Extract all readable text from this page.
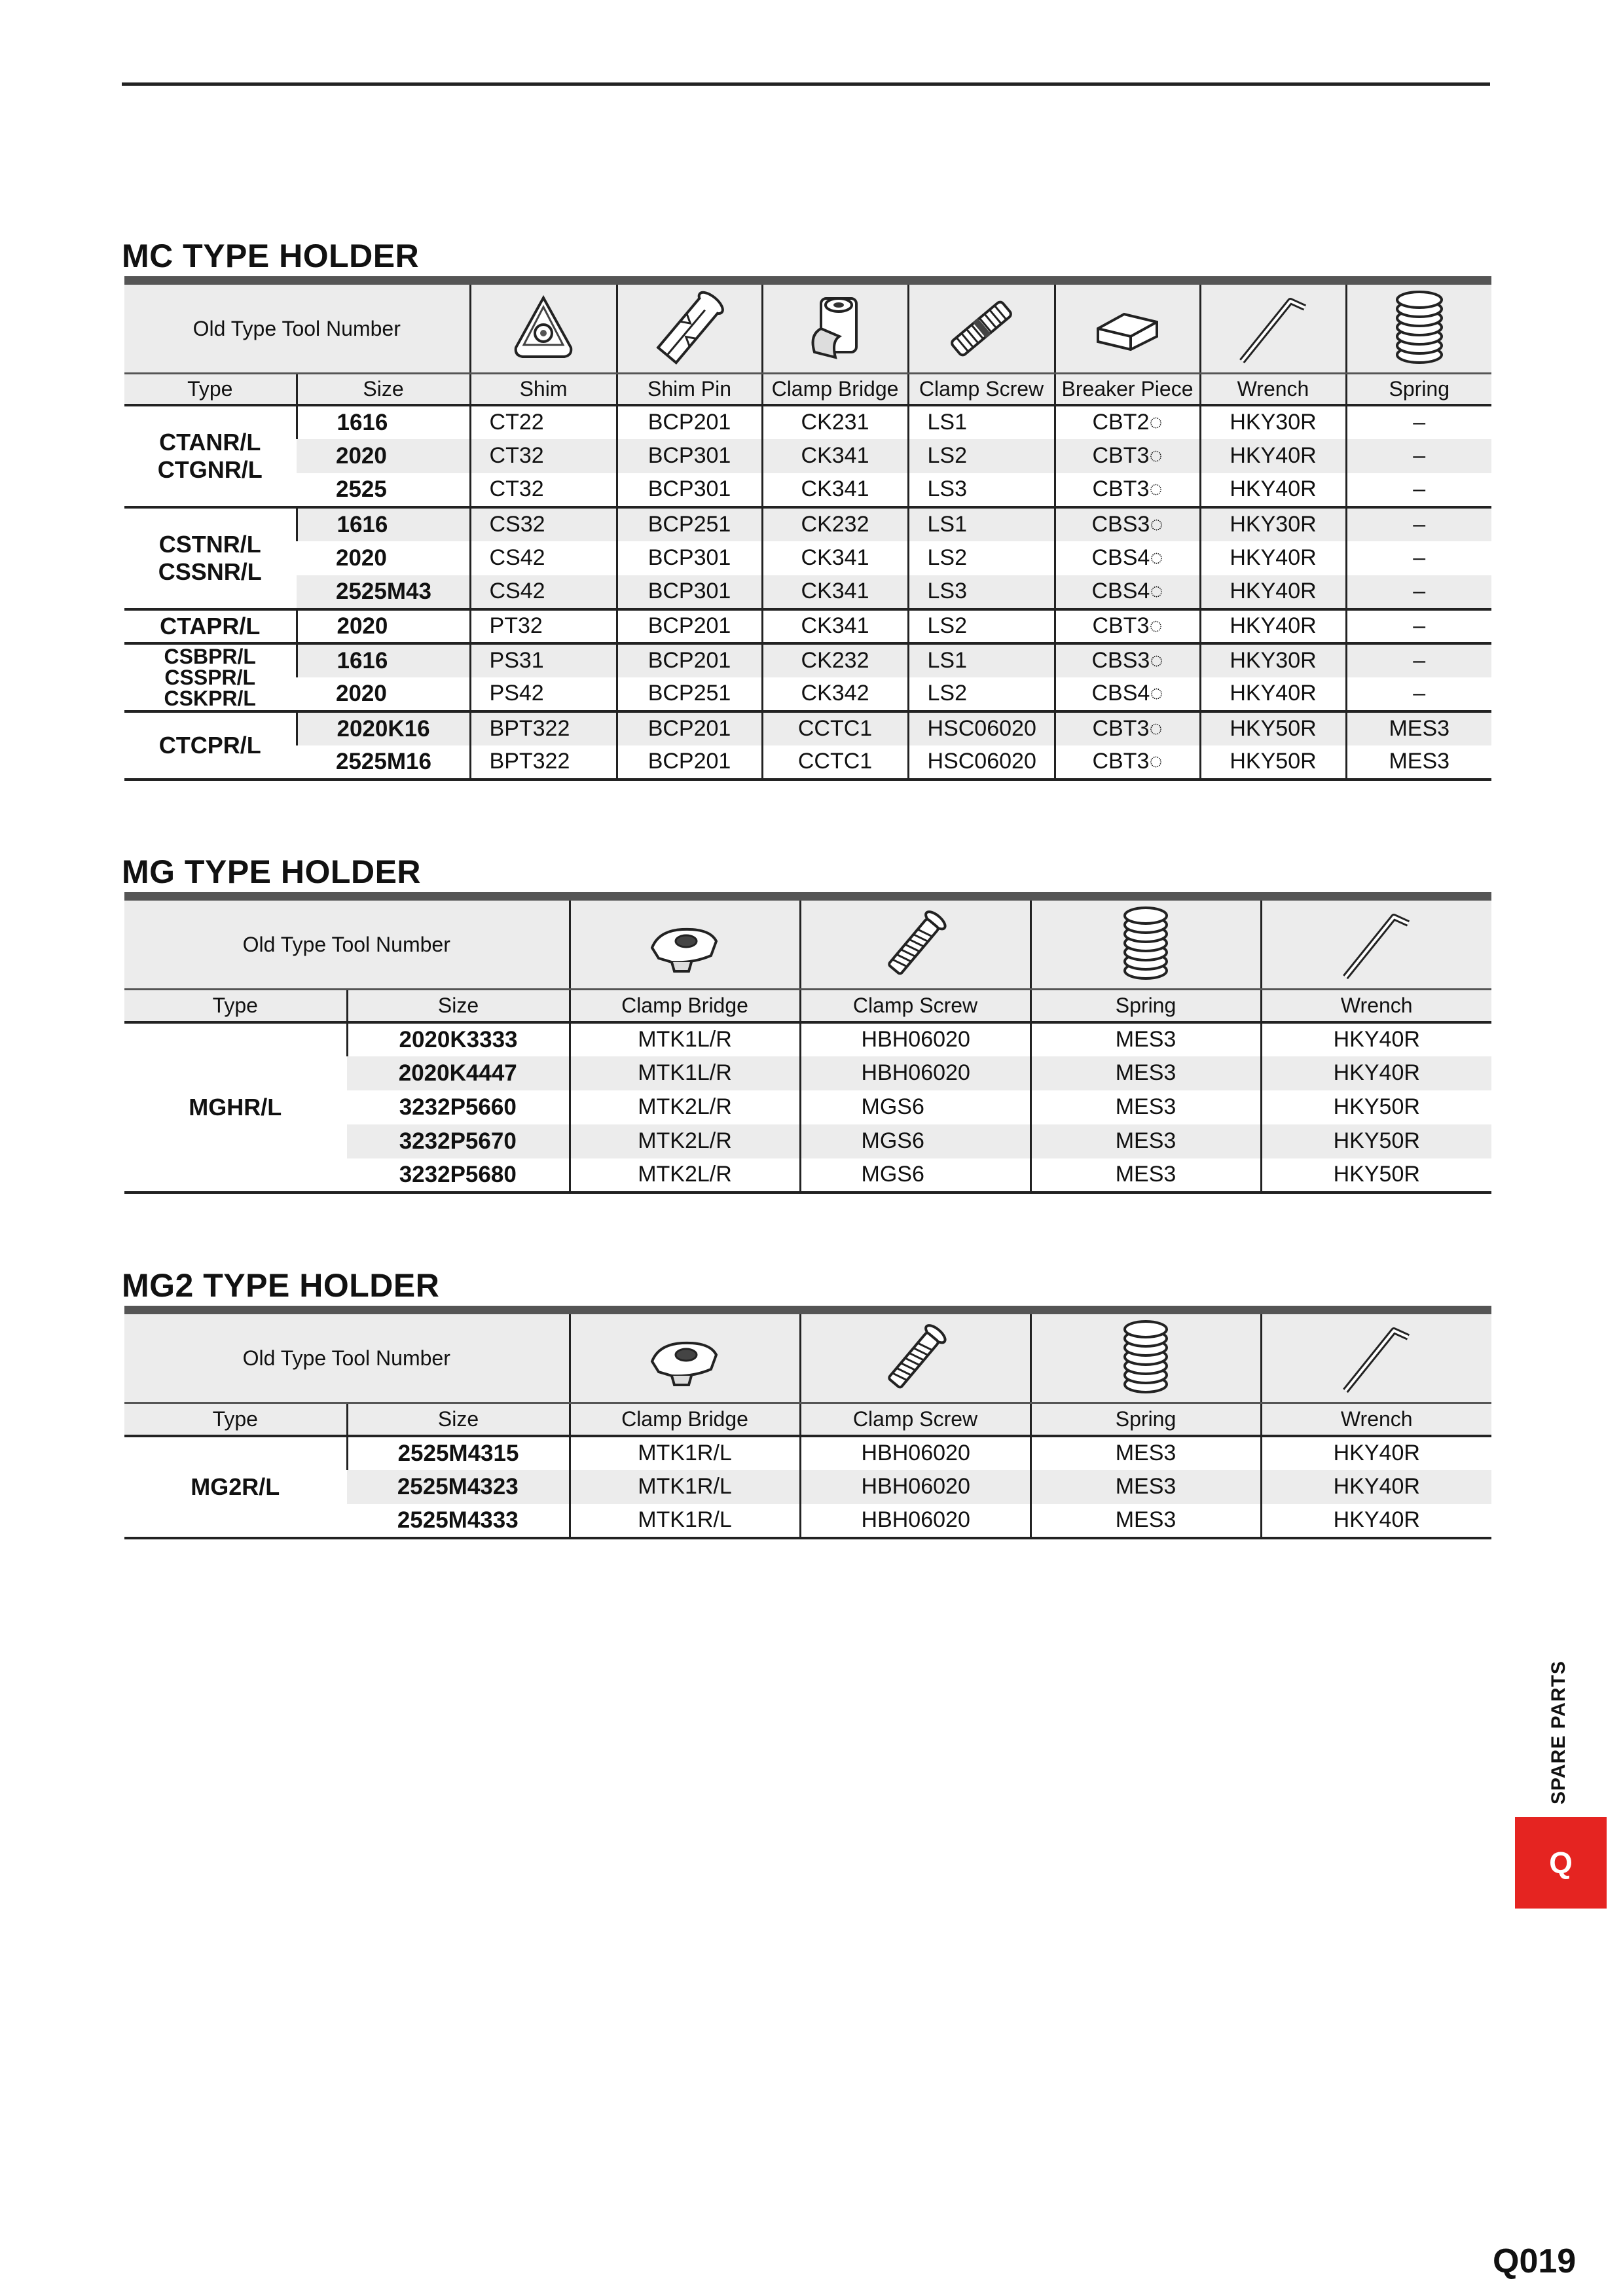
MC TYPE HOLDER
Old Type Tool Number	

Type	Size	Shim	Shim Pin	Clamp Bridge	Clamp Screw	Breaker Piece	Wrench	Spring

CTANR/L
CTGNR/L	1616	CT22	BCP201	CK231	LS1	CBT2◌	HKY30R	–
	2020	CT32	BCP301	CK341	LS2	CBT3◌	HKY40R	–
	2525	CT32	BCP301	CK341	LS3	CBT3◌	HKY40R	–

CSTNR/L
CSSNR/L	1616	CS32	BCP251	CK232	LS1	CBS3◌	HKY30R	–
	2020	CS42	BCP301	CK341	LS2	CBS4◌	HKY40R	–
	2525M43	CS42	BCP301	CK341	LS3	CBS4◌	HKY40R	–

CTAPR/L	2020	PT32	BCP201	CK341	LS2	CBT3◌	HKY40R	–

CSBPR/L
CSSPR/L
CSKPR/L	1616	PS31	BCP201	CK232	LS1	CBS3◌	HKY30R	–
	2020	PS42	BCP251	CK342	LS2	CBS4◌	HKY40R	–

CTCPR/L	2020K16	BPT322	BCP201	CCTC1	HSC06020	CBT3◌	HKY50R	MES3
	2525M16	BPT322	BCP201	CCTC1	HSC06020	CBT3◌	HKY50R	MES3
MG TYPE HOLDER
Old Type Tool Number	

Type	Size	Clamp Bridge	Clamp Screw	Spring	Wrench
MGHR/L	2020K3333	MTK1L/R	HBH06020	MES3	HKY40R
	2020K4447	MTK1L/R	HBH06020	MES3	HKY40R
	3232P5660	MTK2L/R	MGS6	MES3	HKY50R
	3232P5670	MTK2L/R	MGS6	MES3	HKY50R
	3232P5680	MTK2L/R	MGS6	MES3	HKY50R
MG2 TYPE HOLDER
Old Type Tool Number	

Type	Size	Clamp Bridge	Clamp Screw	Spring	Wrench
MG2R/L	2525M4315	MTK1R/L	HBH06020	MES3	HKY40R
	2525M4323	MTK1R/L	HBH06020	MES3	HKY40R
	2525M4333	MTK1R/L	HBH06020	MES3	HKY40R
SPARE PARTS
Q
Q019
